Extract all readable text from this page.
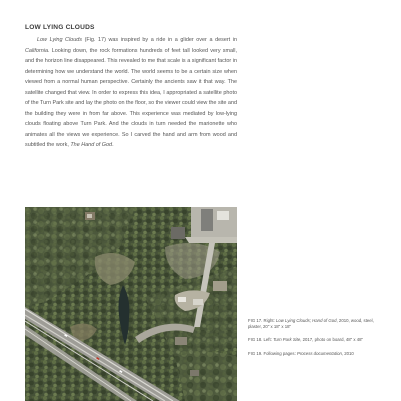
LOW LYING CLOUDS

Low Lying Clouds (Fig. 17) was inspired by a ride in a glider over a desert in California. Looking down, the rock formations hundreds of feet tall looked very small, and the horizon line disappeared. This revealed to me that scale is a significant factor in determining how we understand the world. The world seems to be a certain size when viewed from a normal human perspective. Certainly the ancients saw it that way. The satellite changed that view. In order to express this idea, I appropriated a satellite photo of the Turn Park site and lay the photo on the floor, so the viewer could view the site and the building they were in from far above. This experience was mediated by low-lying clouds floating above Turn Park. And the clouds in turn needed the marionette who animates all the views we experience. So I carved the hand and arm from wood and subtitled the work, The Hand of God.

FIG 17. Right: Low Lying Clouds; Hand of God, 2010, wood, steel, plaster, 20" x 18" x 18"

FIG 18. Left: Turn Park Site, 2017, photo on board, 48" x 48"

FIG 19. Following pages: Process documentation, 2010
